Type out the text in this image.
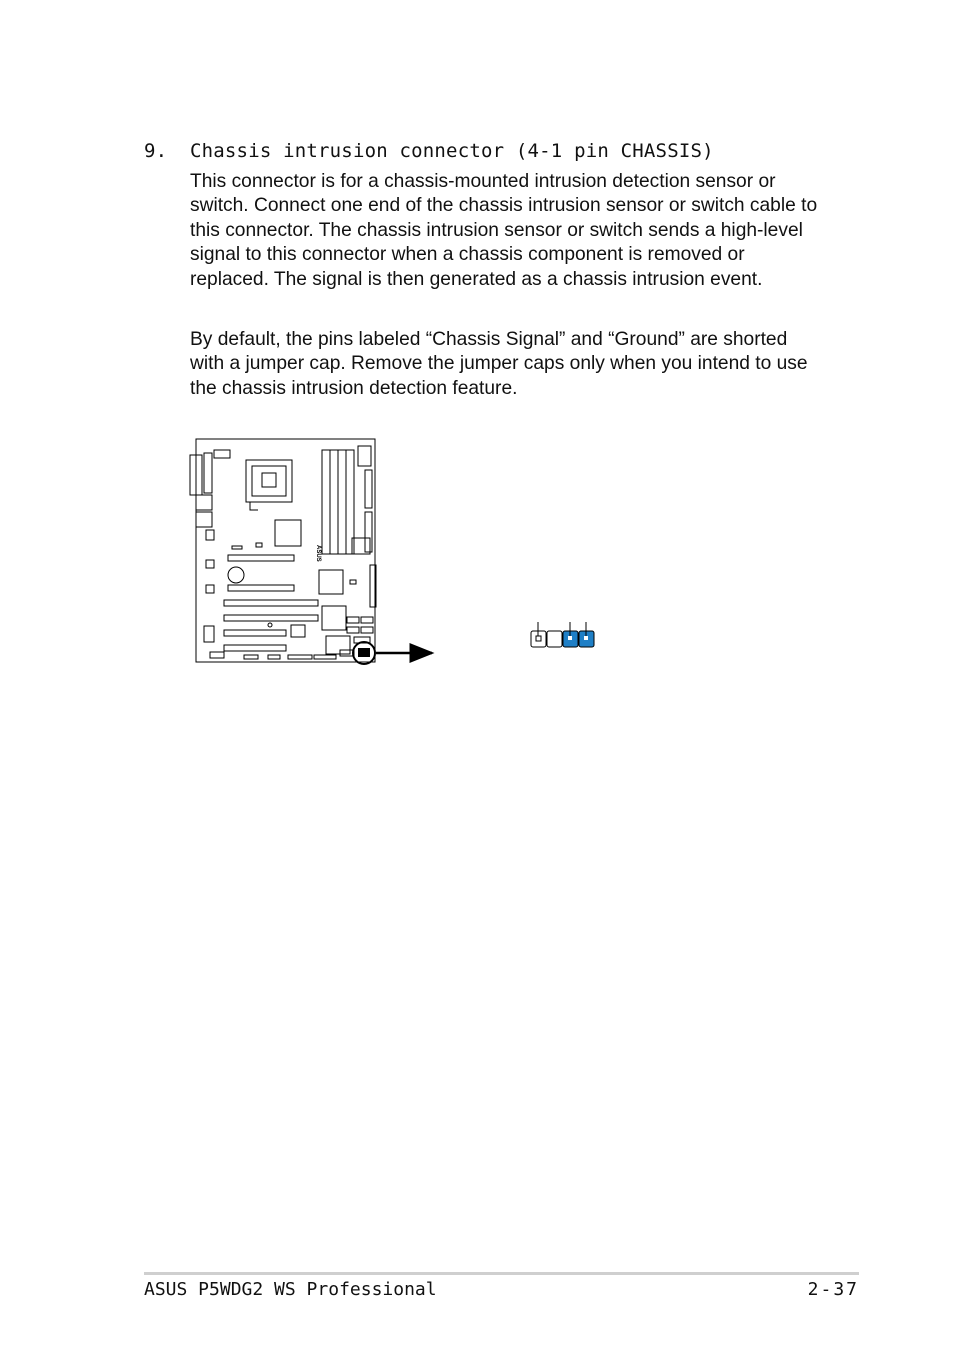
9. Chassis intrusion connector (4-1 pin CHASSIS)

This connector is for a chassis-mounted intrusion detection sensor or switch. Connect one end of the chassis intrusion sensor or switch cable to this connector. The chassis intrusion sensor or switch sends a high-level signal to this connector when a chassis component is removed or replaced. The signal is then generated as a chassis intrusion event.

By default, the pins labeled “Chassis Signal” and “Ground” are shorted with a jumper cap. Remove the jumper caps only when you intend to use the chassis intrusion detection feature.

ASUS
ASUS P5WDG2 WS Professional	2-37
